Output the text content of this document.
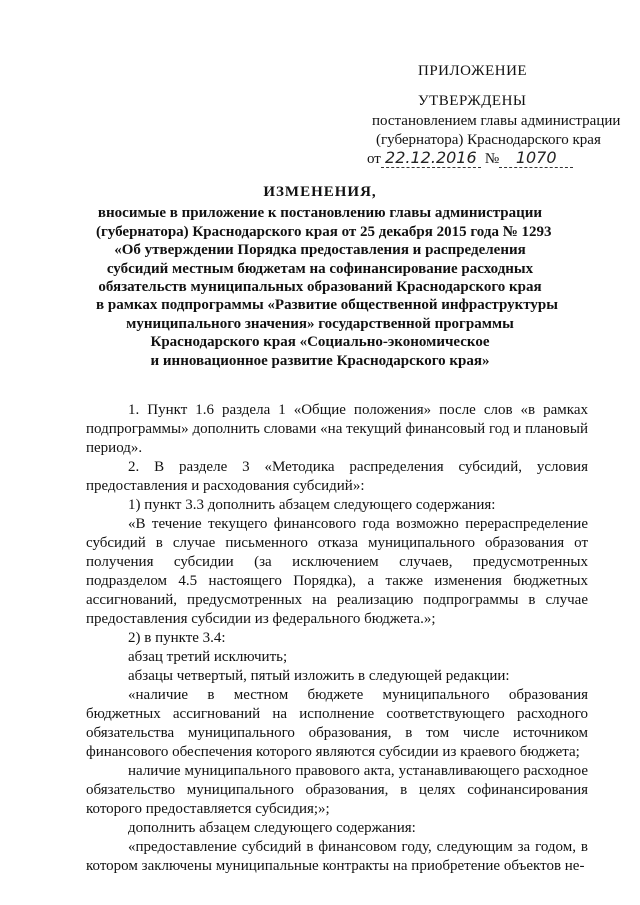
ПРИЛОЖЕНИЕ
УТВЕРЖДЕНЫ
постановлением главы администрации
(губернатора) Краснодарского края
от 22.12.2016 №	1070
ИЗМЕНЕНИЯ,
вносимые в приложение к постановлению главы администрации
(губернатора) Краснодарского края от 25 декабря 2015 года № 1293
«Об утверждении Порядка предоставления и распределения
субсидий местным бюджетам на софинансирование расходных
обязательств муниципальных образований Краснодарского края
в рамках подпрограммы «Развитие общественной инфраструктуры
муниципального значения» государственной программы
Краснодарского края «Социально-экономическое
и инновационное развитие Краснодарского края»

1. Пункт 1.6 раздела 1 «Общие положения» после слов «в рамках подпрограммы» дополнить словами «на текущий финансовый год и плановый период».

2. В разделе 3 «Методика распределения субсидий, условия предоставления и расходования субсидий»:

1) пункт 3.3 дополнить абзацем следующего содержания:

«В течение текущего финансового года возможно перераспределение субсидий в случае письменного отказа муниципального образования от получения субсидии (за исключением случаев, предусмотренных подразделом 4.5 настоящего Порядка), а также изменения бюджетных ассигнований, предусмотренных на реализацию подпрограммы в случае предоставления субсидии из федерального бюджета.»;

2) в пункте 3.4:

абзац третий исключить;

абзацы четвертый, пятый изложить в следующей редакции:

«наличие в местном бюджете муниципального образования бюджетных ассигнований на исполнение соответствующего расходного обязательства муниципального образования, в том числе источником финансового обеспечения которого являются субсидии из краевого бюджета;

наличие муниципального правового акта, устанавливающего расходное обязательство муниципального образования, в целях софинансирования которого предоставляется субсидия;»;

дополнить абзацем следующего содержания:

«предоставление субсидий в финансовом году, следующим за годом, в котором заключены муниципальные контракты на приобретение объектов не-
